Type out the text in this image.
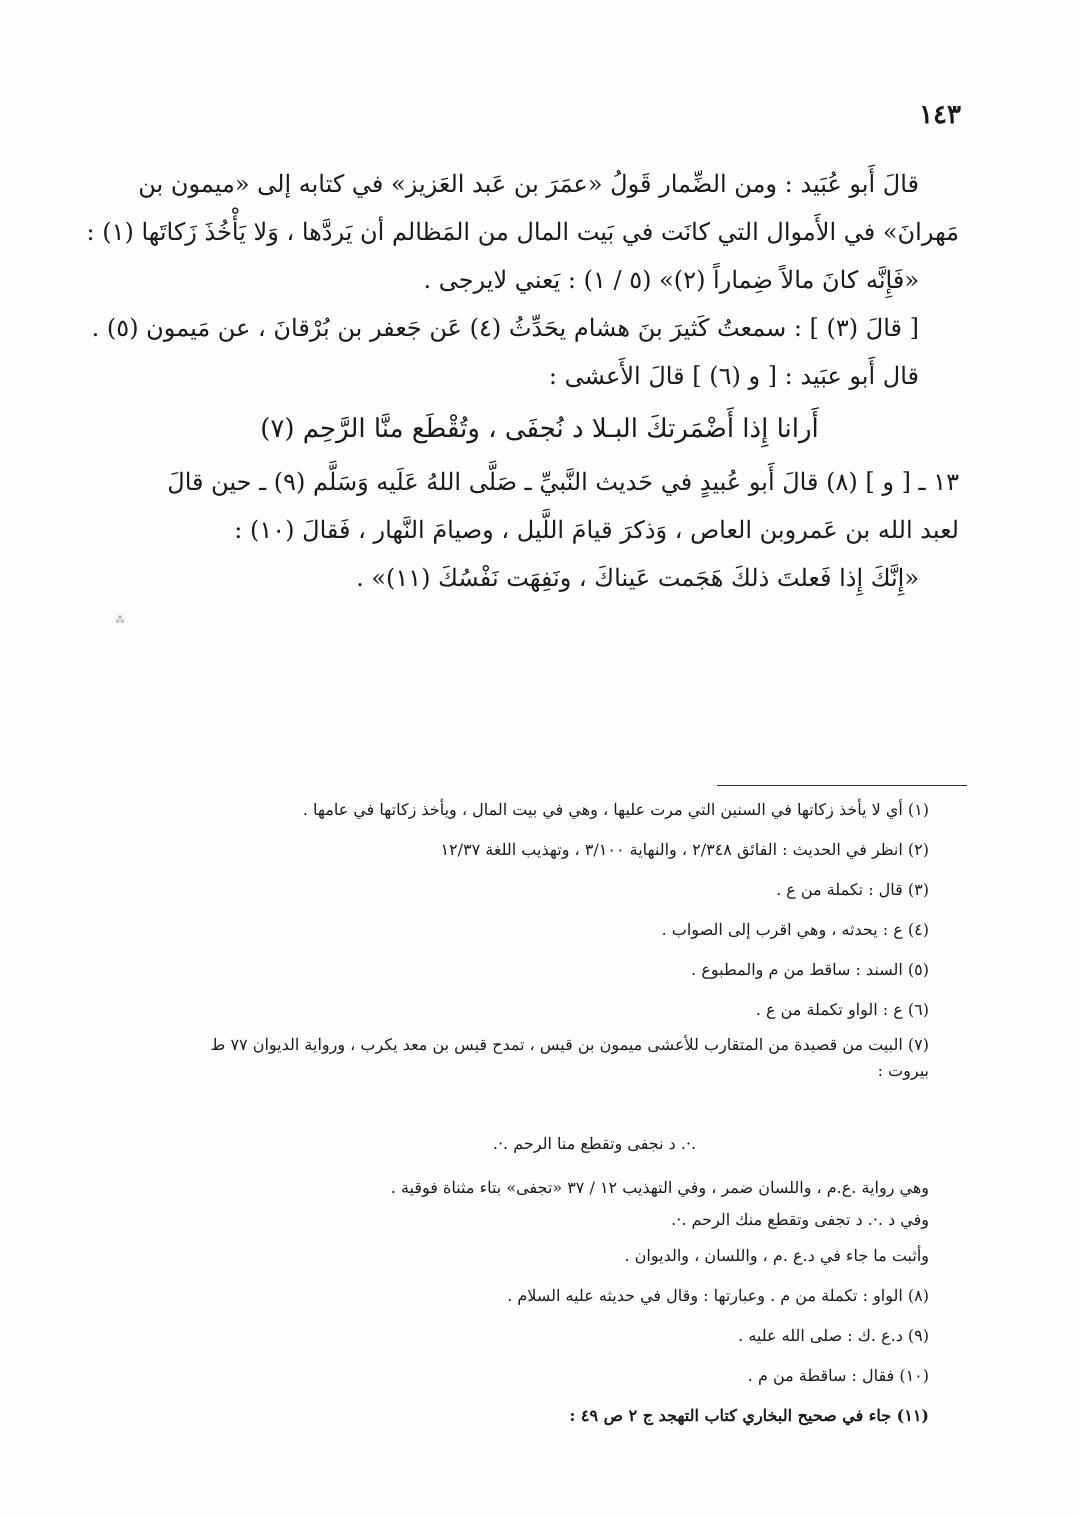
١٤٣
قالَ أَبو عُبَيد : ومن الضِّمار قَولُ «عمَرَ بن عَبد العَزيز» في كتابه إلى «ميمون بن
مَهرانَ» في الأَموال التي كانَت في بَيت المال من المَظالم أن يَردَّها ، وَلا يَأْخُذَ زَكاتَها (١) :
«فَإِنَّه كانَ مالاً ضِماراً (٢)» (٥ / ١) : يَعني لايرجى .
[ قالَ (٣) ] : سمعتُ كَثيرَ بنَ هشام يحَدِّثُ (٤) عَن جَعفر بن بُرْقانَ ، عن مَيمون (٥) .
قال أَبو عبَيد : [ و (٦) ] قالَ الأَعشى :
أَرانا إِذا أَضْمَرتكَ البـلا د نُجفَى ، وتُقْطَع منَّا الرَّحِم (٧)
١٣ ـ [ و ] (٨) قالَ أَبو عُبيدٍ في حَديث النَّبيِّ ـ صَلَّى اللهُ عَلَيه وَسَلَّم (٩) ـ حين قالَ
لعبد الله بن عَمروبن العاص ، وَذكرَ قيامَ اللَّيل ، وصيامَ النَّهار ، فَقالَ (١٠) :
«إِنَّكَ إِذا فَعلتَ ذلكَ هَجَمت عَيناكَ ، ونَفِهَت نَفْسُكَ (١١)» .
⁂
(١) أي لا يأخذ زكاتها في السنين التي مرت عليها ، وهي في بيت المال ، ويأخذ زكاتها في عامها .
(٢) انظر في الحديث : الفائق ٢/٣٤٨ ، والنهاية ٣/١٠٠ ، وتهذيب اللغة ١٢/٣٧
(٣) قال : تكملة من ع .
(٤) ع : يحدثه ، وهي اقرب إلى الصواب .
(٥) السند : ساقط من م والمطبوع .
(٦) ع : الواو تكملة من ع .
(٧) البيت من قصيدة من المتقارب للأعشى ميمون بن قيس ، تمدح قيس بن معد يكرب ، ورواية الديوان ٧٧ ط
بيروت :
.·. د نجفى وتقطع منا الرحم .·.
وهي رواية .ع.م ، واللسان ضمر ، وفي التهذيب ١٢ / ٣٧ «تجفى» بتاء مثناة فوقية .
وفي د .·. د تجفى وتقطع منك الرحم .·.
وأثبت ما جاء في د.ع .م ، واللسان ، والديوان .
(٨) الواو : تكملة من م . وعبارتها : وقال في حديثه عليه السلام .
(٩) د.ع .ك : صلى الله عليه .
(١٠) فقال : ساقطة من م .
(١١) جاء في صحيح البخاري كتاب التهجد ج ٢ ص ٤٩ :
